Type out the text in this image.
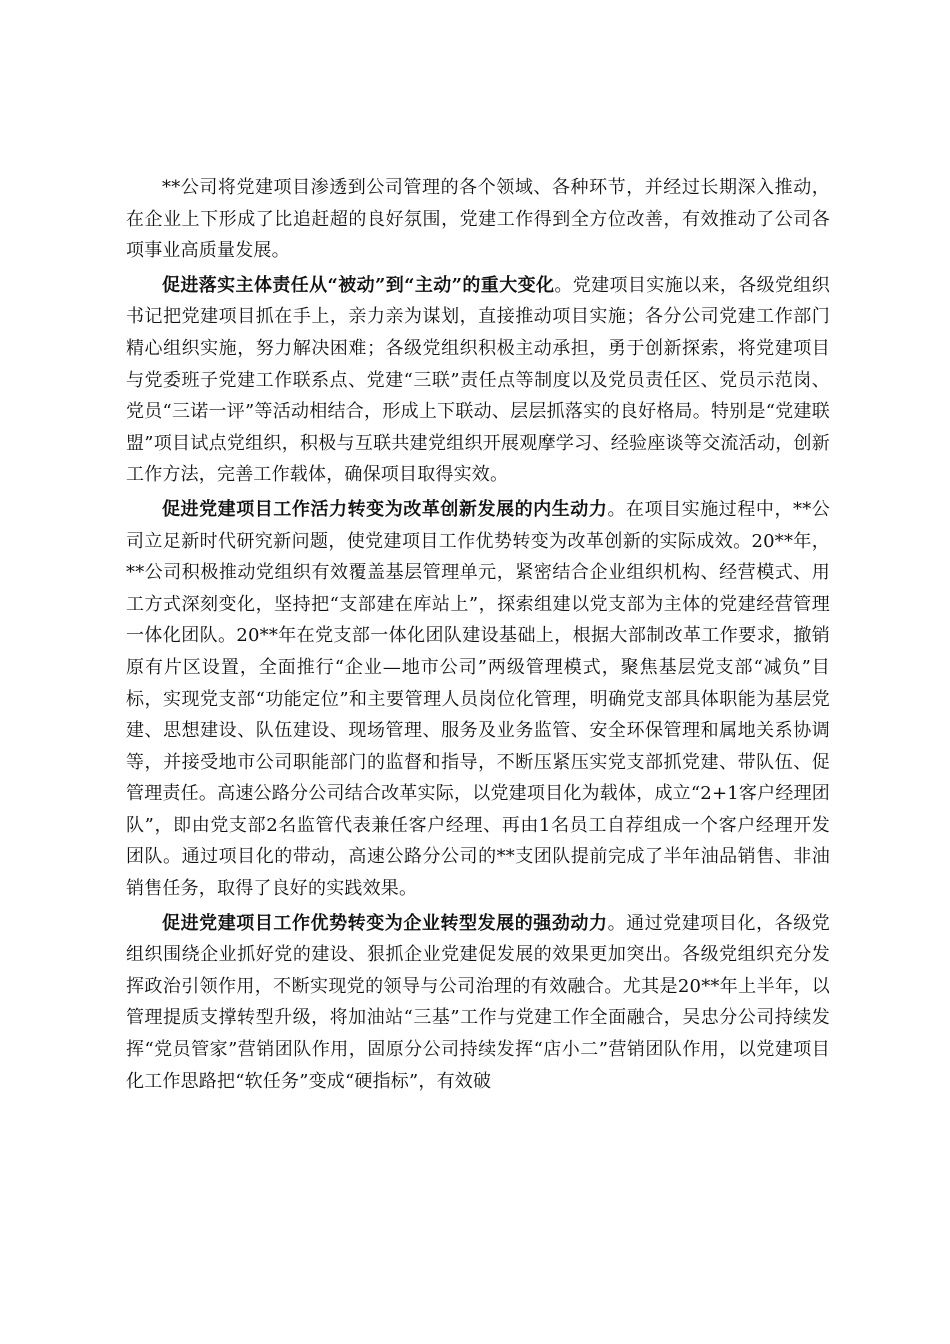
**公司将党建项目渗透到公司管理的各个领域、各种环节，并经过长期深入推动，在企业上下形成了比追赶超的良好氛围，党建工作得到全方位改善，有效推动了公司各项事业高质量发展。

促进落实主体责任从“被动”到“主动”的重大变化。党建项目实施以来，各级党组织书记把党建项目抓在手上，亲力亲为谋划，直接推动项目实施；各分公司党建工作部门精心组织实施，努力解决困难；各级党组织积极主动承担，勇于创新探索，将党建项目与党委班子党建工作联系点、党建“三联”责任点等制度以及党员责任区、党员示范岗、党员“三诺一评”等活动相结合，形成上下联动、层层抓落实的良好格局。特别是“党建联盟”项目试点党组织，积极与互联共建党组织开展观摩学习、经验座谈等交流活动，创新工作方法，完善工作载体，确保项目取得实效。

促进党建项目工作活力转变为改革创新发展的内生动力。在项目实施过程中，**公司立足新时代研究新问题，使党建项目工作优势转变为改革创新的实际成效。20**年，**公司积极推动党组织有效覆盖基层管理单元，紧密结合企业组织机构、经营模式、用工方式深刻变化，坚持把“支部建在库站上”，探索组建以党支部为主体的党建经营管理一体化团队。20**年在党支部一体化团队建设基础上，根据大部制改革工作要求，撤销原有片区设置，全面推行“企业—地市公司”两级管理模式，聚焦基层党支部“减负”目标，实现党支部“功能定位”和主要管理人员岗位化管理，明确党支部具体职能为基层党建、思想建设、队伍建设、现场管理、服务及业务监管、安全环保管理和属地关系协调等，并接受地市公司职能部门的监督和指导，不断压紧压实党支部抓党建、带队伍、促管理责任。高速公路分公司结合改革实际，以党建项目化为载体，成立“2+1客户经理团队”，即由党支部2名监管代表兼任客户经理、再由1名员工自荐组成一个客户经理开发团队。通过项目化的带动，高速公路分公司的**支团队提前完成了半年油品销售、非油销售任务，取得了良好的实践效果。

促进党建项目工作优势转变为企业转型发展的强劲动力。通过党建项目化，各级党组织围绕企业抓好党的建设、狠抓企业党建促发展的效果更加突出。各级党组织充分发挥政治引领作用，不断实现党的领导与公司治理的有效融合。尤其是20**年上半年，以管理提质支撑转型升级，将加油站“三基”工作与党建工作全面融合，吴忠分公司持续发挥“党员管家”营销团队作用，固原分公司持续发挥“店小二”营销团队作用，以党建项目化工作思路把“软任务”变成“硬指标”，有效破
